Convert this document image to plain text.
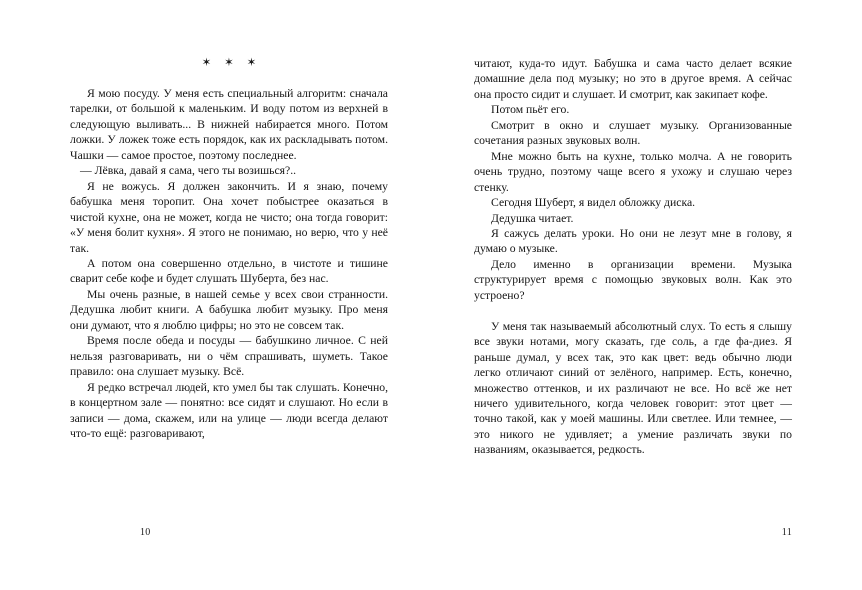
✶ ✶ ✶

Я мою посуду. У меня есть специальный алгоритм: сначала тарелки, от большой к маленьким. И воду потом из верхней в следующую выливать... В нижней набирается много. Потом ложки. У ложек тоже есть порядок, как их раскладывать потом. Чашки — самое простое, поэтому последнее.

— Лёвка, давай я сама, чего ты возишься?..

Я не вожусь. Я должен закончить. И я знаю, почему бабушка меня торопит. Она хочет побыстрее оказаться в чистой кухне, она не может, когда не чисто; она тогда говорит: «У меня болит кухня». Я этого не понимаю, но верю, что у неё так.

А потом она совершенно отдельно, в чистоте и тишине сварит себе кофе и будет слушать Шуберта, без нас.

Мы очень разные, в нашей семье у всех свои странности. Дедушка любит книги. А бабушка любит музыку. Про меня они думают, что я люблю цифры; но это не совсем так.

Время после обеда и посуды — бабушкино личное. С ней нельзя разговаривать, ни о чём спрашивать, шуметь. Такое правило: она слушает музыку. Всё.

Я редко встречал людей, кто умел бы так слушать. Конечно, в концертном зале — понятно: все сидят и слушают. Но если в записи — дома, скажем, или на улице — люди всегда делают что-то ещё: разговаривают,

10

читают, куда-то идут. Бабушка и сама часто делает всякие домашние дела под музыку; но это в другое время. А сейчас она просто сидит и слушает. И смотрит, как закипает кофе.

Потом пьёт его.

Смотрит в окно и слушает музыку. Организованные сочетания разных звуковых волн.

Мне можно быть на кухне, только молча. А не говорить очень трудно, поэтому чаще всего я ухожу и слушаю через стенку.

Сегодня Шуберт, я видел обложку диска.

Дедушка читает.

Я сажусь делать уроки. Но они не лезут мне в голову, я думаю о музыке.

Дело именно в организации времени. Музыка структурирует время с помощью звуковых волн. Как это устроено?

У меня так называемый абсолютный слух. То есть я слышу все звуки нотами, могу сказать, где соль, а где фа-диез. Я раньше думал, у всех так, это как цвет: ведь обычно люди легко отличают синий от зелёного, например. Есть, конечно, множество оттенков, и их различают не все. Но всё же нет ничего удивительного, когда человек говорит: этот цвет — точно такой, как у моей машины. Или светлее. Или темнее, — это никого не удивляет; а умение различать звуки по названиям, оказывается, редкость.

11
